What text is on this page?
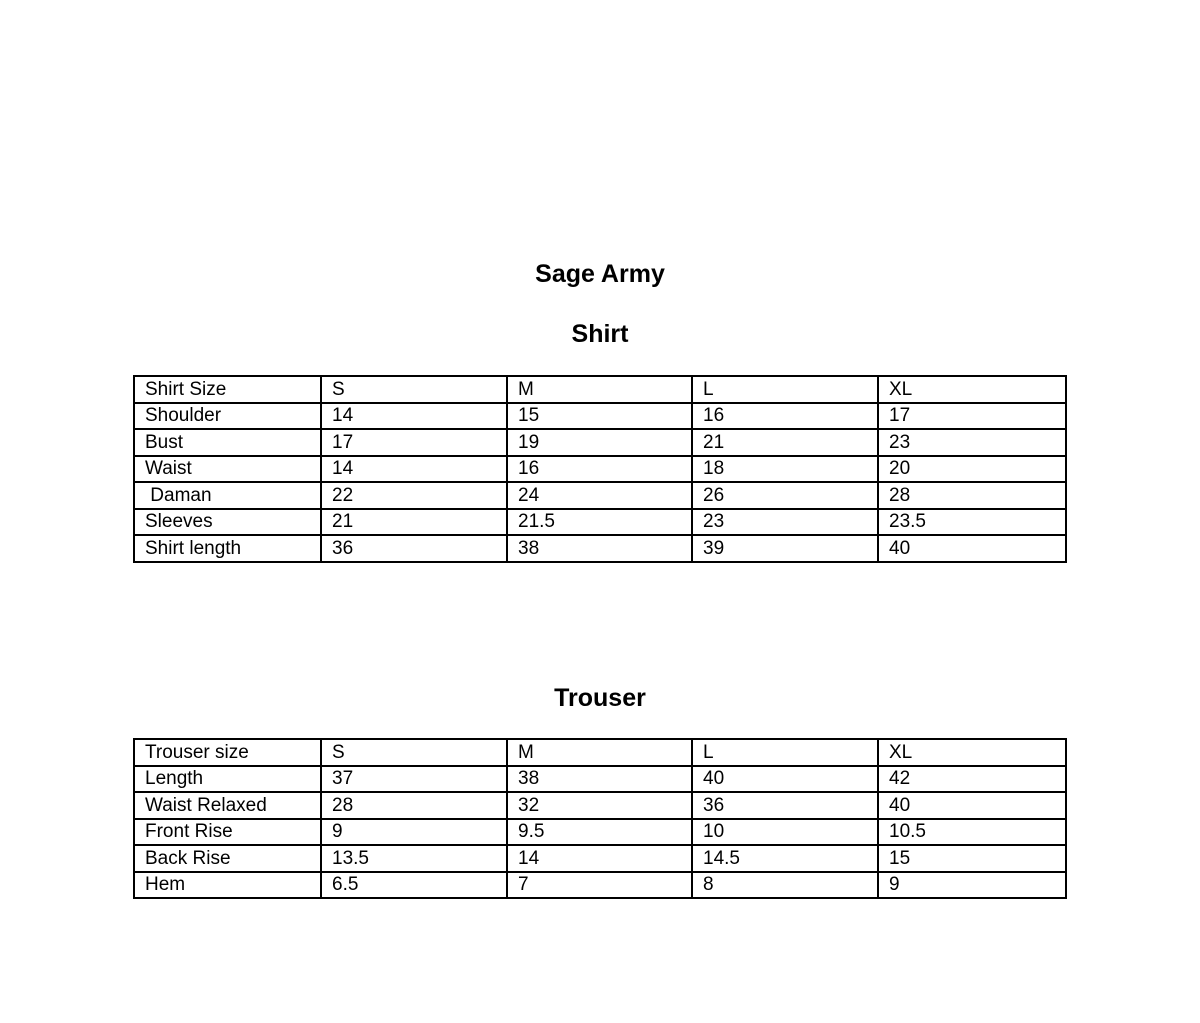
Sage Army
Shirt
Shirt Size	S	M	L	XL
Shoulder	14	15	16	17
Bust	17	19	21	23
Waist	14	16	18	20
Daman	22	24	26	28
Sleeves	21	21.5	23	23.5
Shirt length	36	38	39	40
Trouser
Trouser size	S	M	L	XL
Length	37	38	40	42
Waist Relaxed	28	32	36	40
Front Rise	9	9.5	10	10.5
Back Rise	13.5	14	14.5	15
Hem	6.5	7	8	9
